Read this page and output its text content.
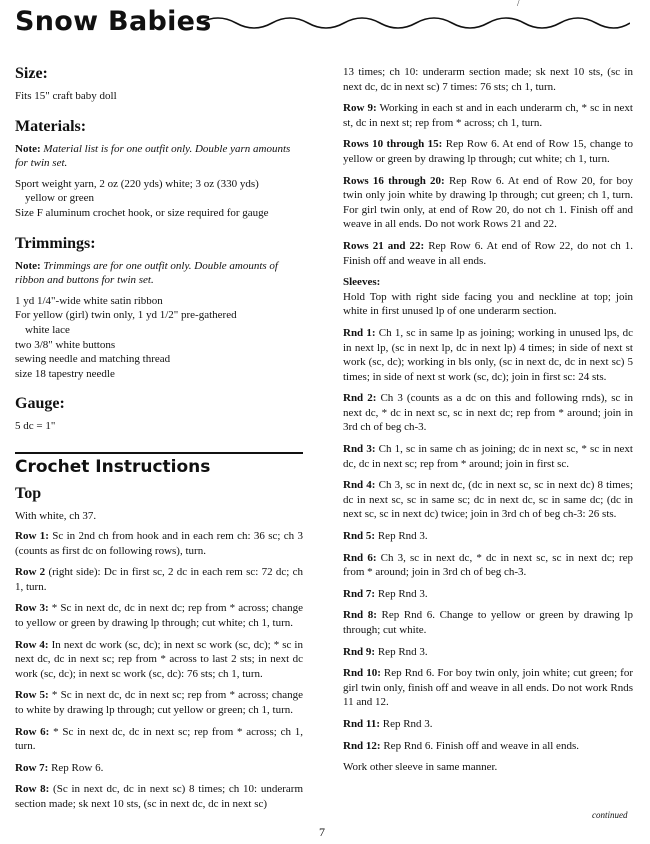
Snow Babies
/
Size:

Fits 15" craft baby doll

Materials:

Note: Material list is for one outfit only. Double yarn amounts for twin set.

Sport weight yarn, 2 oz (220 yds) white; 3 oz (330 yds)

yellow or green

Size F aluminum crochet hook, or size required for gauge

Trimmings:

Note: Trimmings are for one outfit only. Double amounts of ribbon and buttons for twin set.

1 yd 1/4"-wide white satin ribbon

For yellow (girl) twin only, 1 yd 1/2" pre-gathered

white lace

two 3/8" white buttons

sewing needle and matching thread

size 18 tapestry needle

Gauge:

5 dc = 1"

Crochet Instructions
Top

With white, ch 37.

Row 1: Sc in 2nd ch from hook and in each rem ch: 36 sc; ch 3 (counts as first dc on following rows), turn.

Row 2 (right side): Dc in first sc, 2 dc in each rem sc: 72 dc; ch 1, turn.

Row 3: * Sc in next dc, dc in next dc; rep from * across; change to yellow or green by drawing lp through; cut white; ch 1, turn.

Row 4: In next dc work (sc, dc); in next sc work (sc, dc); * sc in next dc, dc in next sc; rep from * across to last 2 sts; in next dc work (sc, dc); in next sc work (sc, dc): 76 sts; ch 1, turn.

Row 5: * Sc in next dc, dc in next sc; rep from * across; change to white by drawing lp through; cut yellow or green; ch 1, turn.

Row 6: * Sc in next dc, dc in next sc; rep from * across; ch 1, turn.

Row 7: Rep Row 6.

Row 8: (Sc in next dc, dc in next sc) 8 times; ch 10: underarm section made; sk next 10 sts, (sc in next dc, dc in next sc)

13 times; ch 10: underarm section made; sk next 10 sts, (sc in next dc, dc in next sc) 7 times: 76 sts; ch 1, turn.

Row 9: Working in each st and in each underarm ch, * sc in next st, dc in next st; rep from * across; ch 1, turn.

Rows 10 through 15: Rep Row 6. At end of Row 15, change to yellow or green by drawing lp through; cut white; ch 1, turn.

Rows 16 through 20: Rep Row 6. At end of Row 20, for boy twin only join white by drawing lp through; cut green; ch 1, turn. For girl twin only, at end of Row 20, do not ch 1. Finish off and weave in all ends. Do not work Rows 21 and 22.

Rows 21 and 22: Rep Row 6. At end of Row 22, do not ch 1. Finish off and weave in all ends.

Sleeves:

Hold Top with right side facing you and neckline at top; join white in first unused lp of one underarm section.

Rnd 1: Ch 1, sc in same lp as joining; working in unused lps, dc in next lp, (sc in next lp, dc in next lp) 4 times; in side of next st work (sc, dc); working in bls only, (sc in next dc, dc in next sc) 5 times; in side of next st work (sc, dc); join in first sc: 24 sts.

Rnd 2: Ch 3 (counts as a dc on this and following rnds), sc in next dc, * dc in next sc, sc in next dc; rep from * around; join in 3rd ch of beg ch-3.

Rnd 3: Ch 1, sc in same ch as joining; dc in next sc, * sc in next dc, dc in next sc; rep from * around; join in first sc.

Rnd 4: Ch 3, sc in next dc, (dc in next sc, sc in next dc) 8 times; dc in next sc, sc in same sc; dc in next dc, sc in same dc; (dc in next sc, sc in next dc) twice; join in 3rd ch of beg ch-3: 26 sts.

Rnd 5: Rep Rnd 3.

Rnd 6: Ch 3, sc in next dc, * dc in next sc, sc in next dc; rep from * around; join in 3rd ch of beg ch-3.

Rnd 7: Rep Rnd 3.

Rnd 8: Rep Rnd 6. Change to yellow or green by drawing lp through; cut white.

Rnd 9: Rep Rnd 3.

Rnd 10: Rep Rnd 6. For boy twin only, join white; cut green; for girl twin only, finish off and weave in all ends. Do not work Rnds 11 and 12.

Rnd 11: Rep Rnd 3.

Rnd 12: Rep Rnd 6. Finish off and weave in all ends.

Work other sleeve in same manner.

continued
7
